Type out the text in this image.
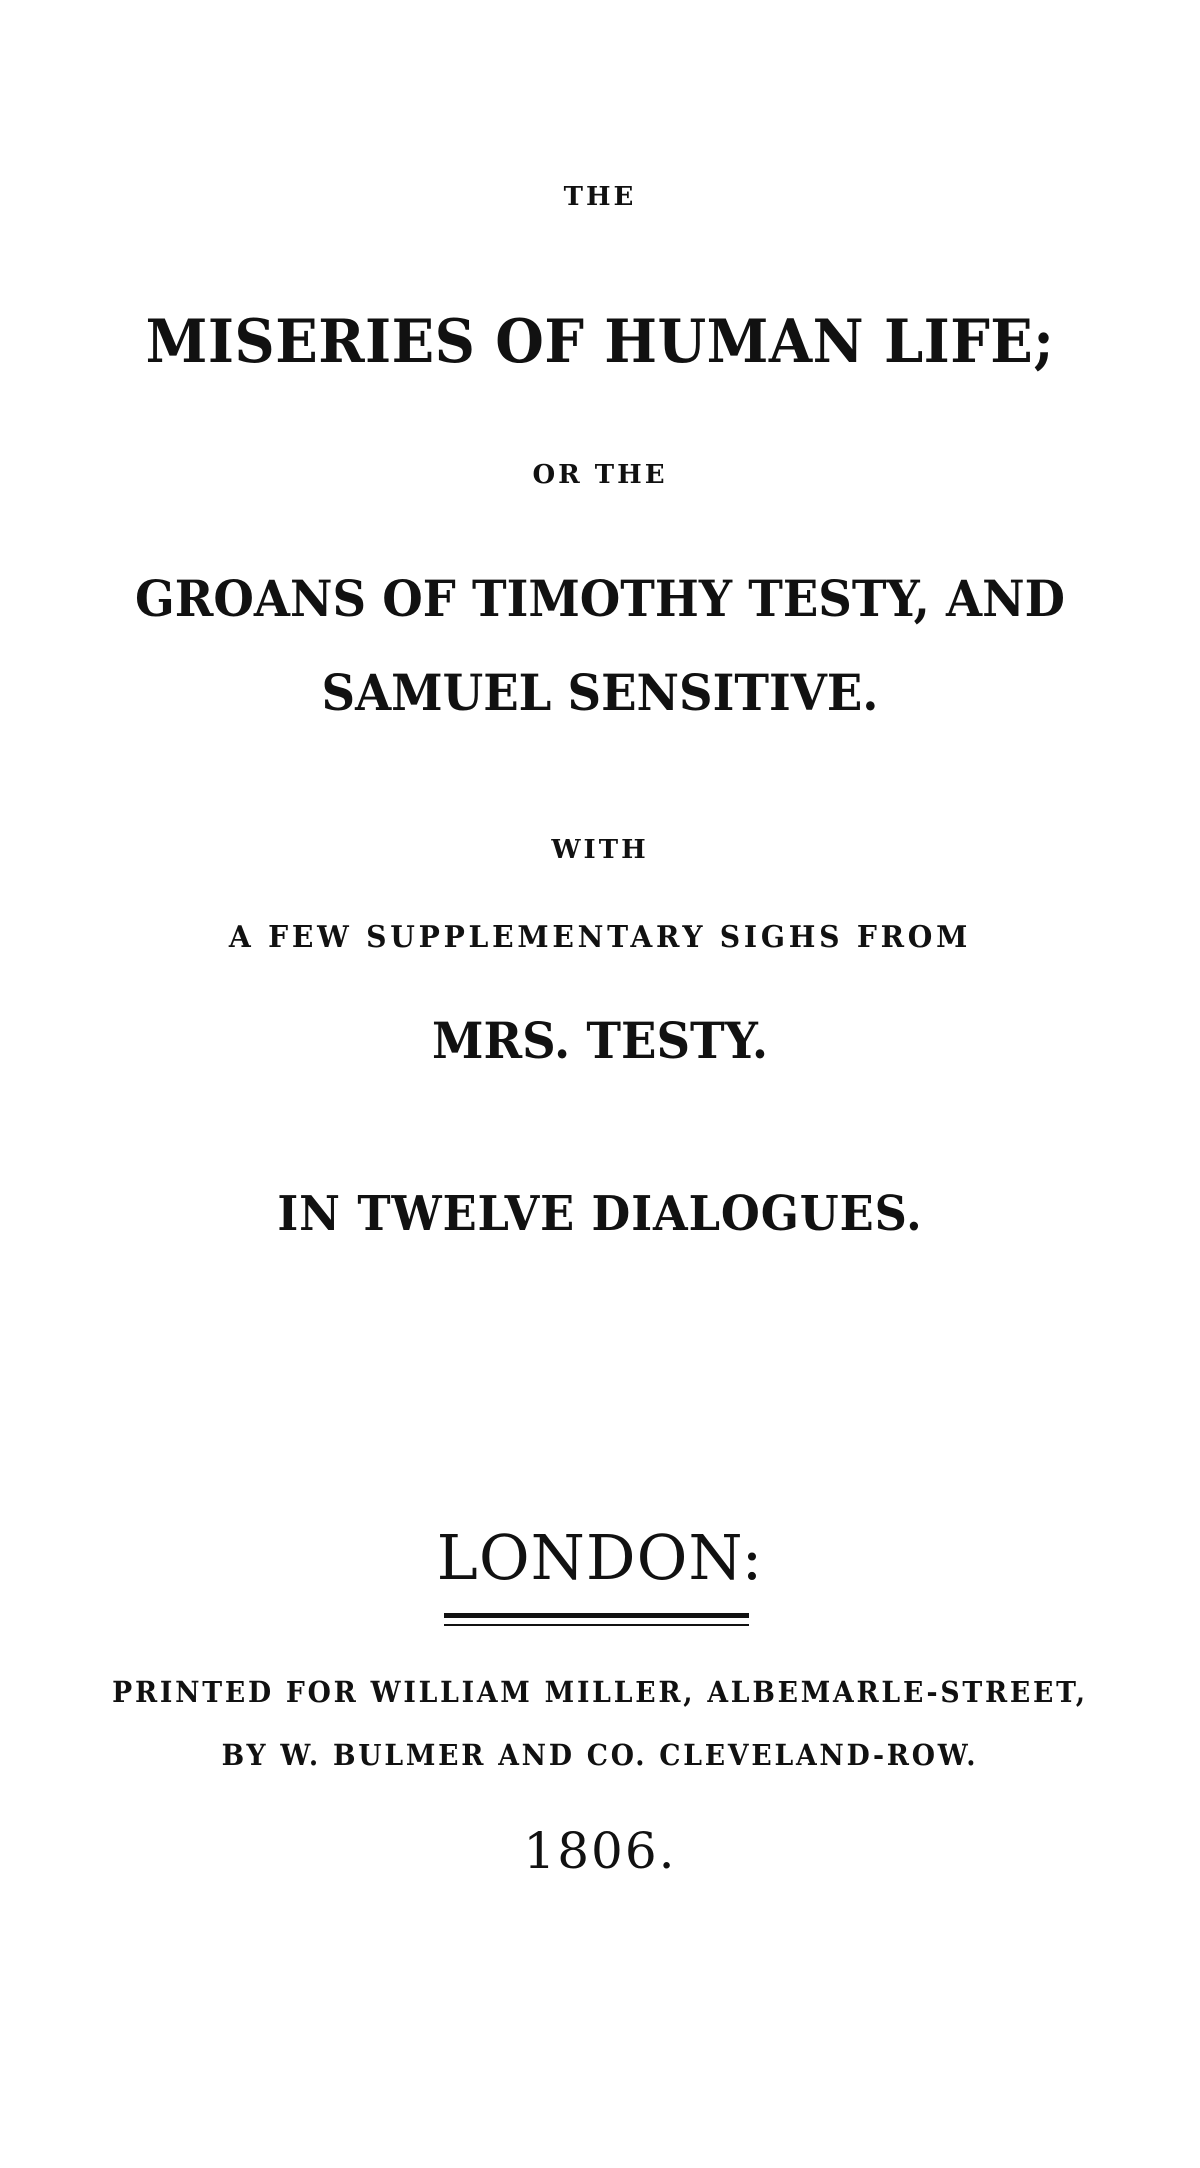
THE
MISERIES OF HUMAN LIFE;
OR THE
GROANS OF TIMOTHY TESTY, AND
SAMUEL SENSITIVE.
WITH
A FEW SUPPLEMENTARY SIGHS FROM
MRS. TESTY.
IN TWELVE DIALOGUES.
LONDON:
PRINTED FOR WILLIAM MILLER, ALBEMARLE-STREET,
BY W. BULMER AND CO. CLEVELAND-ROW.
1806.
